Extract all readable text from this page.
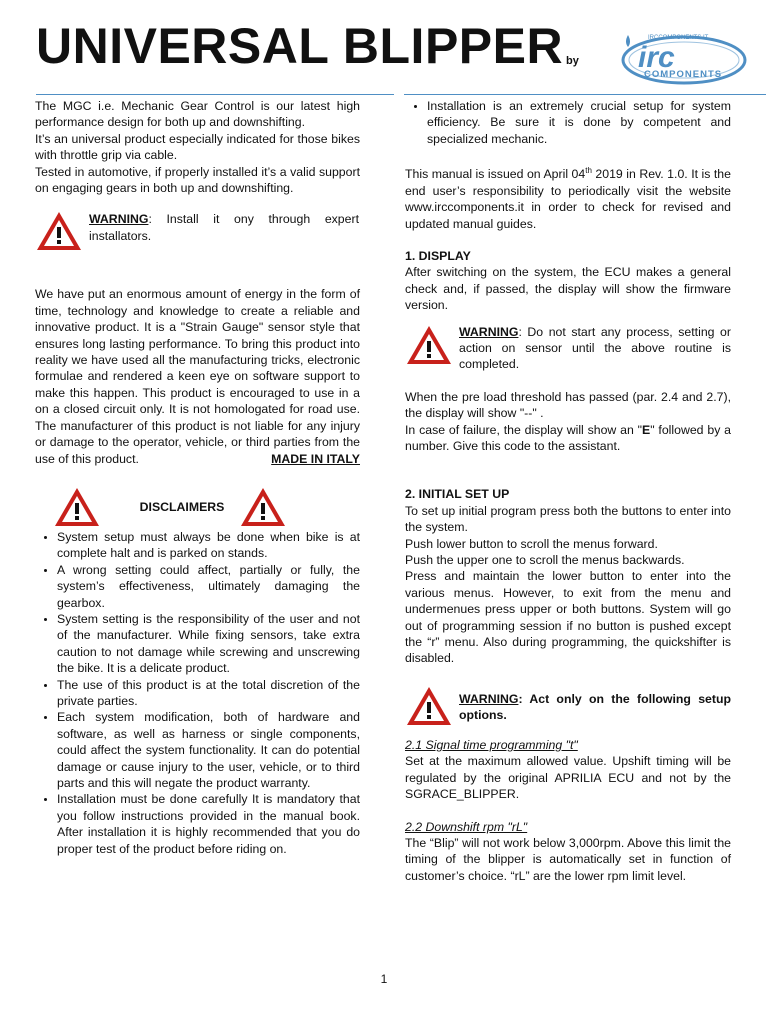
UNIVERSAL BLIPPER by
IRCCOMPONENTS.IT
irc
COMPONENTS

The MGC i.e. Mechanic Gear Control is our latest high performance design for both up and downshifting.

It’s an universal product especially indicated for those bikes with throttle grip via cable.

Tested in automotive, if properly installed it’s a valid support on engaging gears in both up and downshifting.

WARNING: Install it ony through expert installators.

We have put an enormous amount of energy in the form of time, technology and knowledge to create a reliable and innovative product. It is a "Strain Gauge" sensor style that ensures long lasting performance. To bring this product into reality we have used all the manufacturing tricks, electronic formulae and rendered a keen eye on software support to make this happen. This product is encouraged to use in a on a closed circuit only. It is not homologated for road use. The manufacturer of this product is not liable for any injury or damage to the operator, vehicle, or third parties from the use of this product.	MADE IN ITALY

DISCLAIMERS
• System setup must always be done when bike is at complete halt and is parked on stands.
• A wrong setting could affect, partially or fully, the system’s effectiveness, ultimately damaging the gearbox.
• System setting is the responsibility of the user and not of the manufacturer. While fixing sensors, take extra caution to not damage while screwing and unscrewing the bike. It is a delicate product.
• The use of this product is at the total discretion of the private parties.
• Each system modification, both of hardware and software, as well as harness or single components, could affect the system functionality. It can do potential damage or cause injury to the user, vehicle, or to third parts and this will negate the product warranty.
• Installation must be done carefully It is mandatory that you follow instructions provided in the manual book. After installation it is highly recommended that you do proper test of the product before riding on.
• Installation is an extremely crucial setup for system efficiency. Be sure it is done by competent and specialized mechanic.

This manual is issued on April 04th 2019 in Rev. 1.0. It is the end user’s responsibility to periodically visit the website www.irccomponents.it in order to check for revised and updated manual guides.

1. DISPLAY

After switching on the system, the ECU makes a general check and, if passed, the display will show the firmware version.

WARNING: Do not start any process, setting or action on sensor until the above routine is completed.

When the pre load threshold has passed (par. 2.4 and 2.7), the display will show "--" .

In case of failure, the display will show an "E" followed by a number. Give this code to the assistant.

2. INITIAL SET UP

To set up initial program press both the buttons to enter into the system.

Push lower button to scroll the menus forward.

Push the upper one to scroll the menus backwards.

Press and maintain the lower button to enter into the various menus. However, to exit from the menu and undermenues press upper or both buttons. System will go out of programming session if no button is pushed except the “r” menu. Also during programming, the quickshifter is disabled.

WARNING: Act only on the following setup options.

2.1 Signal time programming "t"

Set at the maximum allowed value. Upshift timing will be regulated by the original APRILIA ECU and not by the SGRACE_BLIPPER.

2.2 Downshift rpm "rL"

The “Blip” will not work below 3,000rpm. Above this limit the timing of the blipper is automatically set in function of customer’s choice. “rL” are the lower rpm limit level.

1
